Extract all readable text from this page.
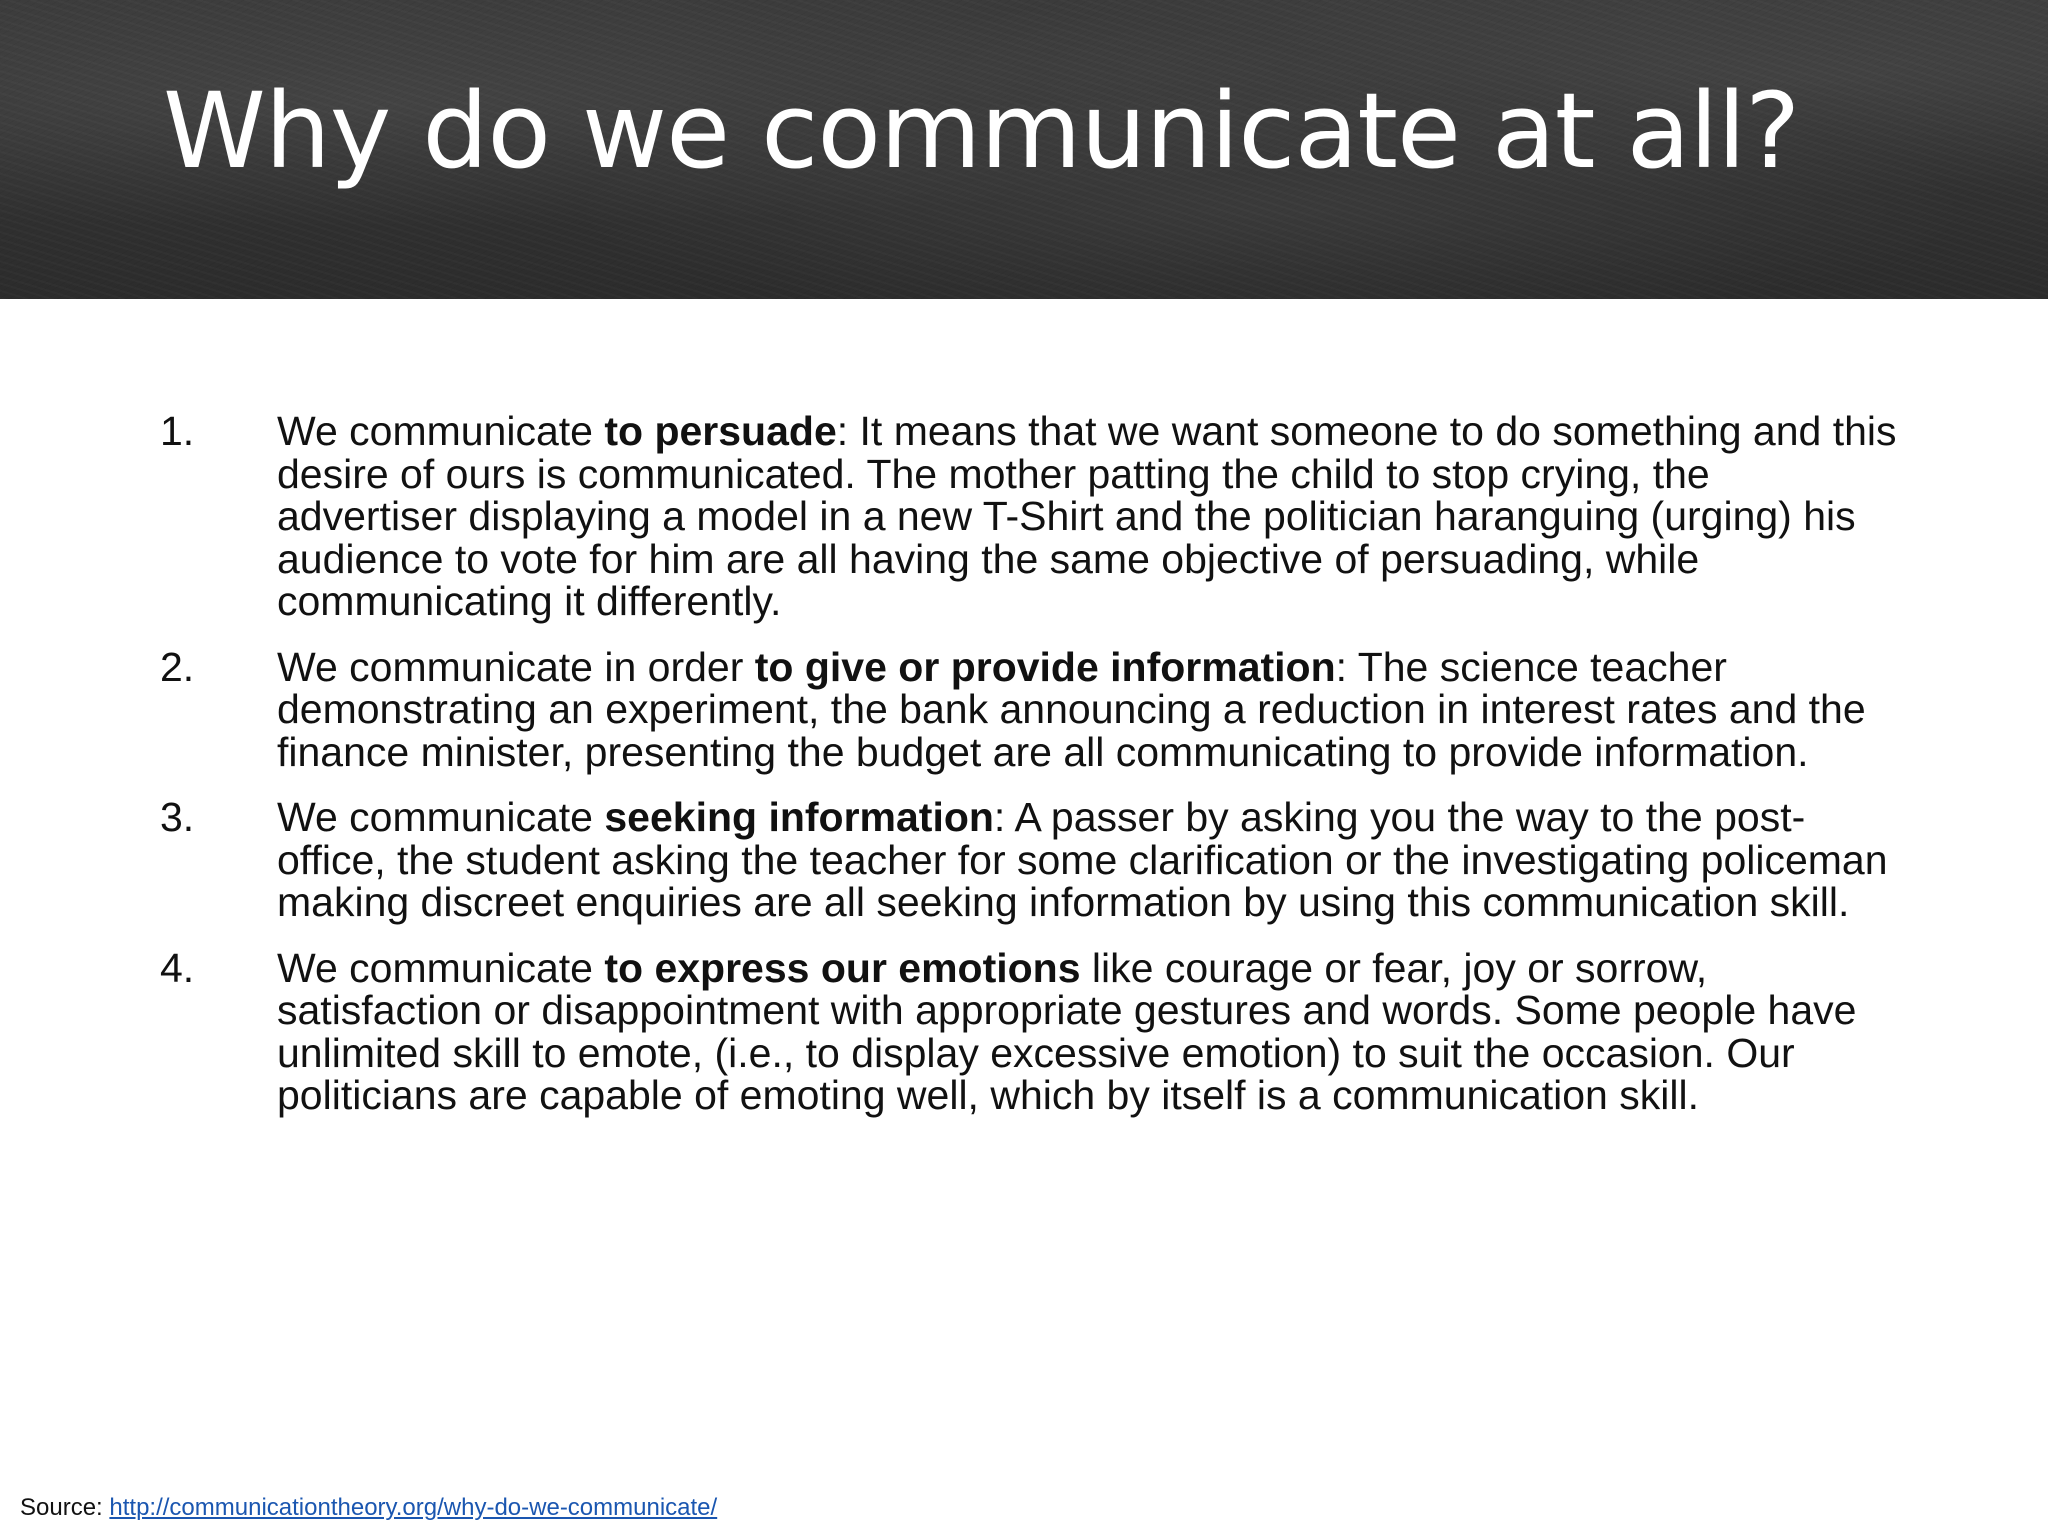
Why do we communicate at all?
1.	We communicate to persuade: It means that we want someone to do something and this desire of ours is communicated. The mother patting the child to stop crying, the advertiser displaying a model in a new T-Shirt and the politician haranguing (urging) his audience to vote for him are all having the same objective of persuading, while communicating it differently.
2.	We communicate in order to give or provide information: The science teacher demonstrating an experiment, the bank announcing a reduction in interest rates and the finance minister, presenting the budget are all communicating to provide information.
3.	We communicate seeking information: A passer by asking you the way to the post-office, the student asking the teacher for some clarification or the investigating policeman making discreet enquiries are all seeking information by using this communication skill.
4.	We communicate to express our emotions like courage or fear, joy or sorrow, satisfaction or disappointment with appropriate gestures and words. Some people have unlimited skill to emote, (i.e., to display excessive emotion) to suit the occasion. Our politicians are capable of emoting well, which by itself is a communication skill.
Source: http://communicationtheory.org/why-do-we-communicate/
